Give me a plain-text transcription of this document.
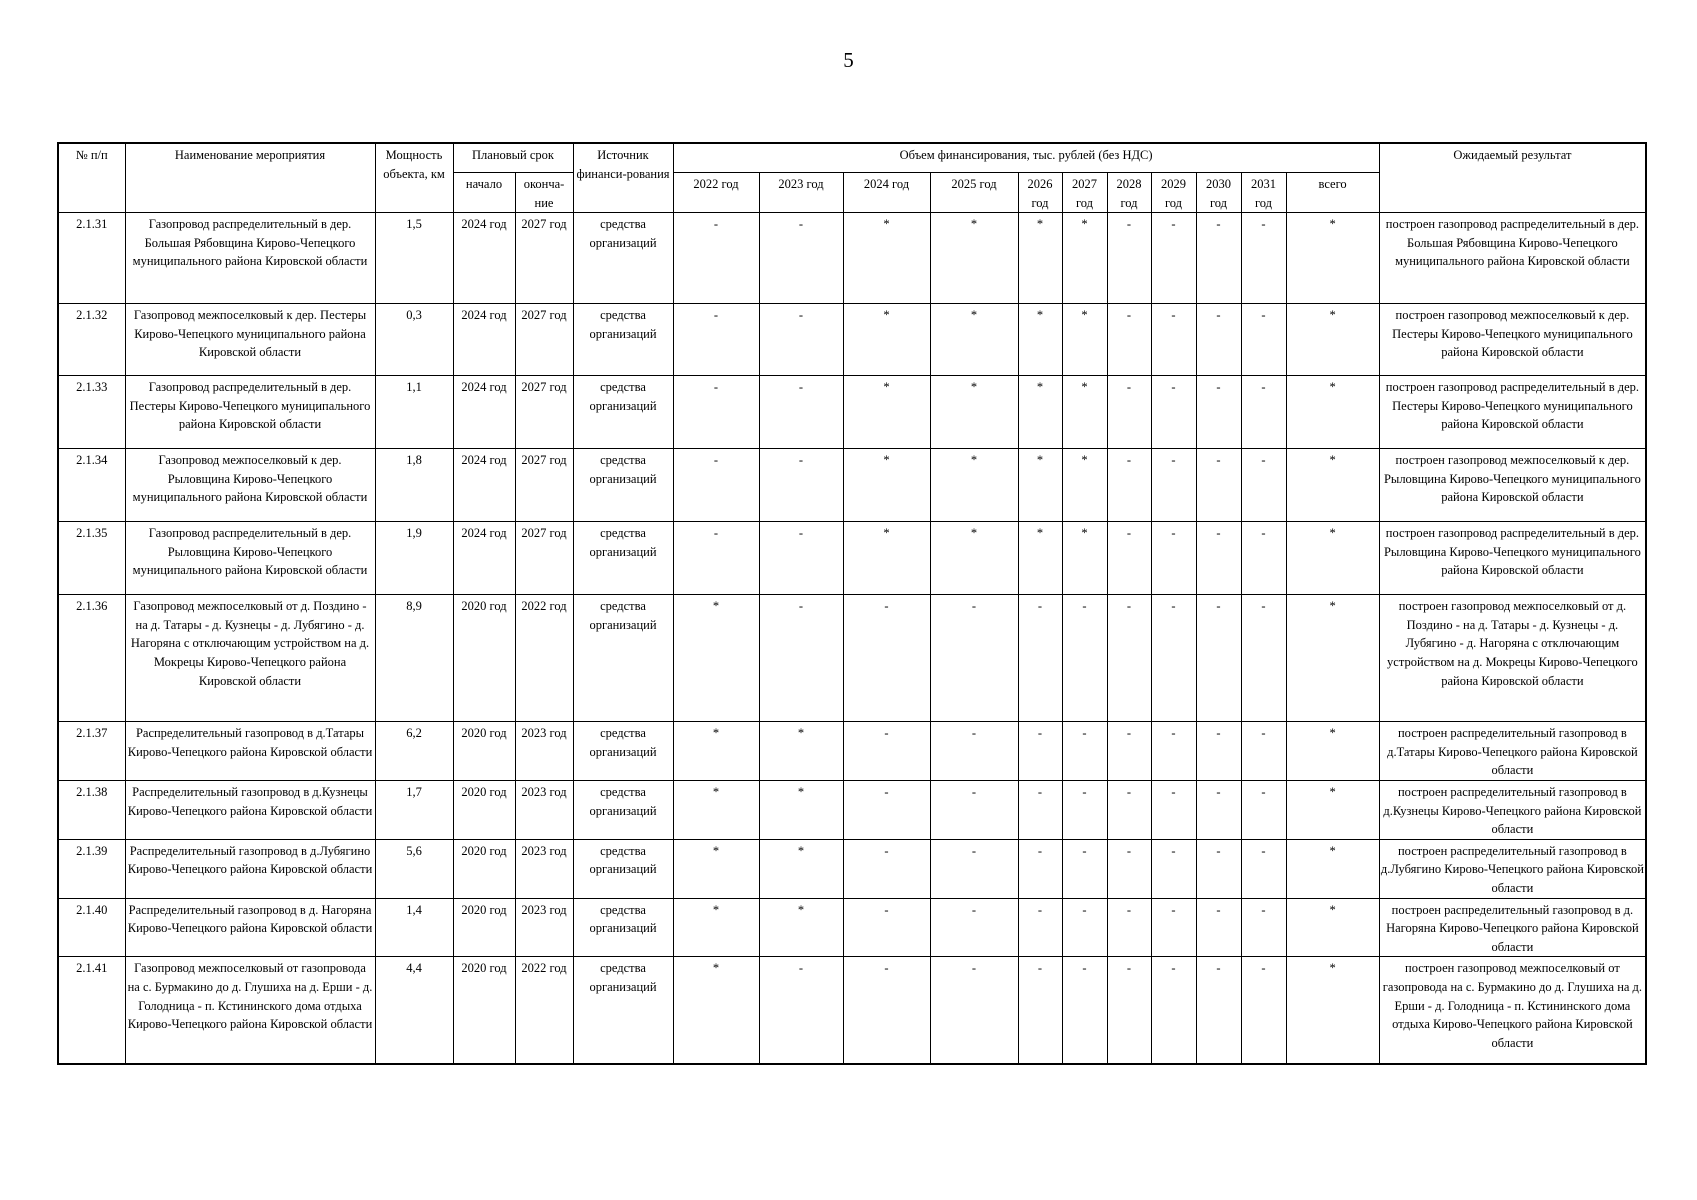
5
№ п/п	Наименование мероприятия	Мощность объекта, км	Плановый срок		Источник финанси-рования	Объем финансирования, тыс. рублей (без НДС)											Ожидаемый результат
			начало	оконча-ние		2022 год	2023 год	2024 год	2025 год	2026 год	2027 год	2028 год	2029 год	2030 год	2031 год	всего	
2.1.31	Газопровод распределительный в дер. Большая Рябовщина Кирово-Чепецкого муниципального района Кировской области	1,5	2024 год	2027 год	средства организаций	-	-	*	*	*	*	-	-	-	-	*	построен газопровод распределительный в дер. Большая Рябовщина Кирово-Чепецкого муниципального района Кировской области
2.1.32	Газопровод межпоселковый к дер. Пестеры Кирово-Чепецкого муниципального района Кировской области	0,3	2024 год	2027 год	средства организаций	-	-	*	*	*	*	-	-	-	-	*	построен газопровод межпоселковый к дер. Пестеры Кирово-Чепецкого муниципального района Кировской области
2.1.33	Газопровод распределительный в дер. Пестеры Кирово-Чепецкого муниципального района Кировской области	1,1	2024 год	2027 год	средства организаций	-	-	*	*	*	*	-	-	-	-	*	построен газопровод распределительный в дер. Пестеры Кирово-Чепецкого муниципального района Кировской области
2.1.34	Газопровод межпоселковый к дер. Рыловщина Кирово-Чепецкого муниципального района Кировской области	1,8	2024 год	2027 год	средства организаций	-	-	*	*	*	*	-	-	-	-	*	построен газопровод межпоселковый к дер. Рыловщина Кирово-Чепецкого муниципального района Кировской области
2.1.35	Газопровод распределительный в дер. Рыловщина Кирово-Чепецкого муниципального района Кировской области	1,9	2024 год	2027 год	средства организаций	-	-	*	*	*	*	-	-	-	-	*	построен газопровод распределительный в дер. Рыловщина Кирово-Чепецкого муниципального района Кировской области
2.1.36	Газопровод межпоселковый от д. Поздино - на д. Татары - д. Кузнецы - д. Лубягино - д. Нагоряна с отключающим устройством на д. Мокрецы Кирово-Чепецкого района Кировской области	8,9	2020 год	2022 год	средства организаций	*	-	-	-	-	-	-	-	-	-	*	построен газопровод межпоселковый от д. Поздино - на д. Татары - д. Кузнецы - д. Лубягино - д. Нагоряна с отключающим устройством на д. Мокрецы Кирово-Чепецкого района Кировской области
2.1.37	Распределительный газопровод в д.Татары Кирово-Чепецкого района Кировской области	6,2	2020 год	2023 год	средства организаций	*	*	-	-	-	-	-	-	-	-	*	построен распределительный газопровод в д.Татары Кирово-Чепецкого района Кировской области
2.1.38	Распределительный газопровод в д.Кузнецы Кирово-Чепецкого района Кировской области	1,7	2020 год	2023 год	средства организаций	*	*	-	-	-	-	-	-	-	-	*	построен распределительный газопровод в д.Кузнецы Кирово-Чепецкого района Кировской области
2.1.39	Распределительный газопровод в д.Лубягино Кирово-Чепецкого района Кировской области	5,6	2020 год	2023 год	средства организаций	*	*	-	-	-	-	-	-	-	-	*	построен распределительный газопровод в д.Лубягино Кирово-Чепецкого района Кировской области
2.1.40	Распределительный газопровод в д. Нагоряна Кирово-Чепецкого района Кировской области	1,4	2020 год	2023 год	средства организаций	*	*	-	-	-	-	-	-	-	-	*	построен распределительный газопровод в д. Нагоряна Кирово-Чепецкого района Кировской области
2.1.41	Газопровод межпоселковый от газопровода на с. Бурмакино до д. Глушиха на д. Ерши - д. Голодница - п. Кстининского дома отдыха Кирово-Чепецкого района Кировской области	4,4	2020 год	2022 год	средства организаций	*	-	-	-	-	-	-	-	-	-	*	построен газопровод межпоселковый от газопровода на с. Бурмакино до д. Глушиха на д. Ерши - д. Голодница - п. Кстининского дома отдыха Кирово-Чепецкого района Кировской области
